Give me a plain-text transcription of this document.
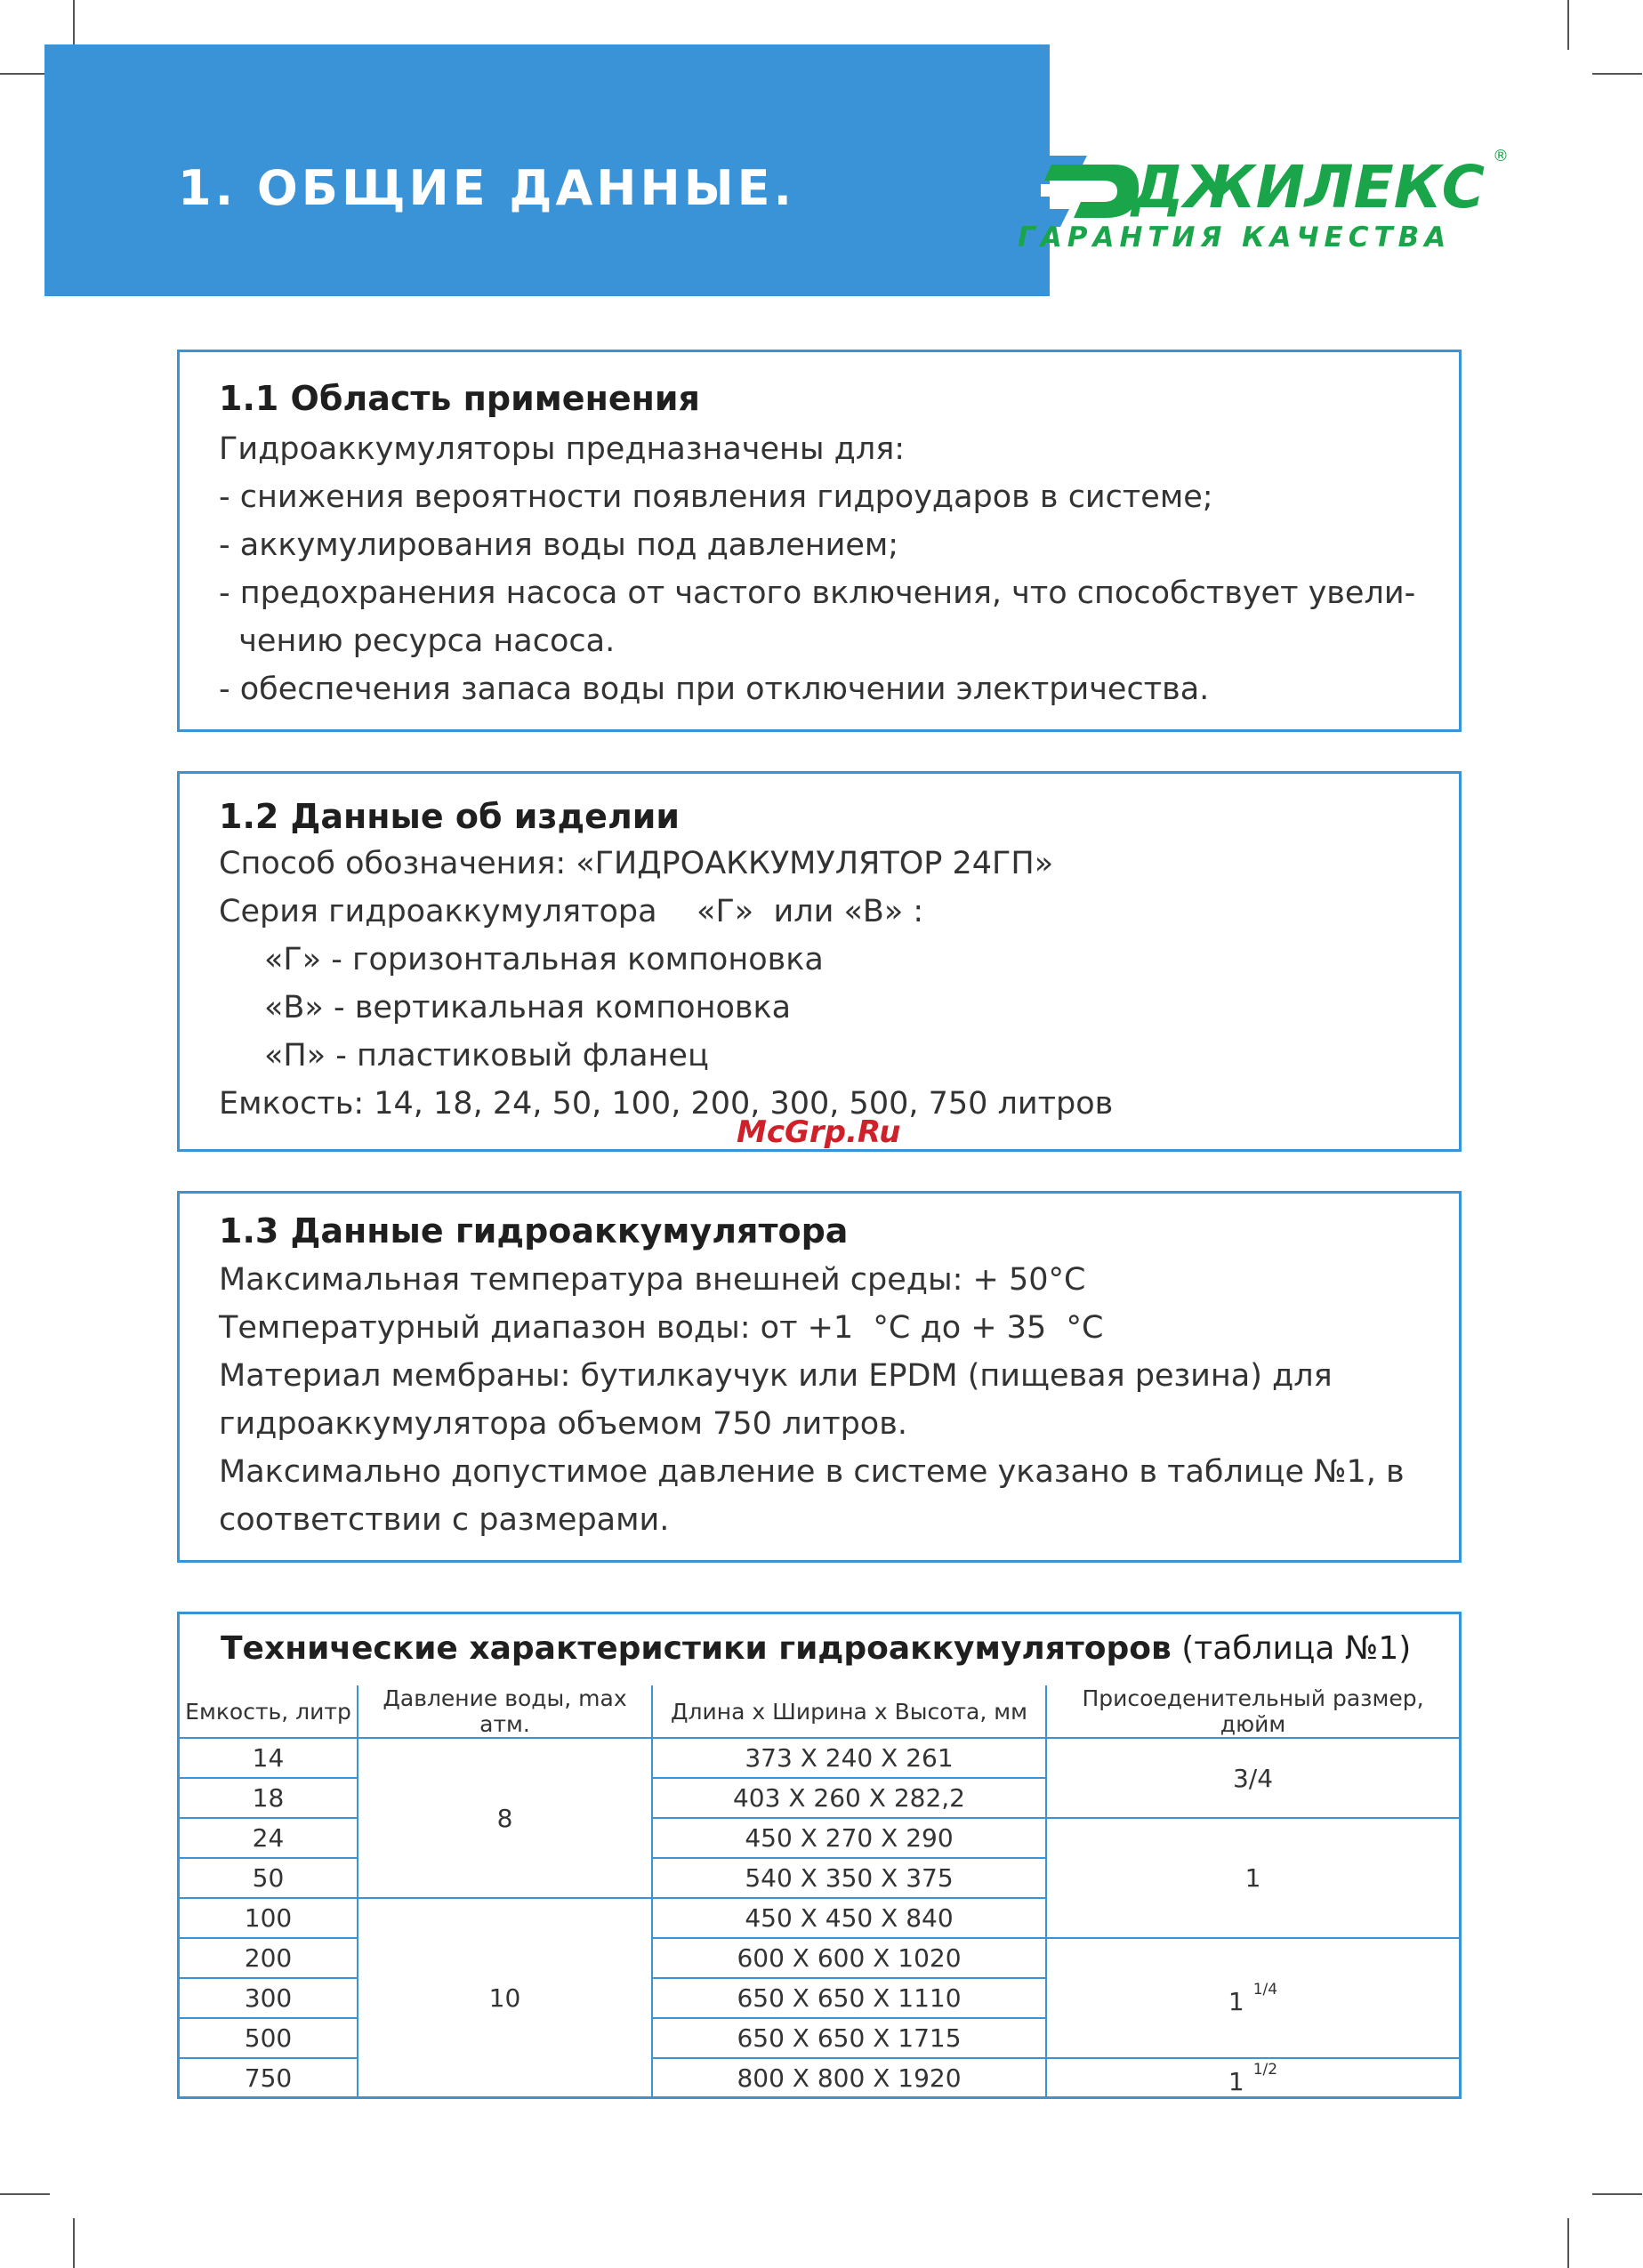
1. ОБЩИЕ ДАННЫЕ.	ДЖИЛЕКС ®
ГАРАНТИЯ КАЧЕСТВА
1.1 Область применения
Гидроаккумуляторы предназначены для:
- снижения вероятности появления гидроударов в системе;
- аккумулирования воды под давлением;
- предохранения насоса от частого включения, что способствует увели-
чению ресурса насоса.
- обеспечения запаса воды при отключении электричества.
1.2 Данные об изделии
Способ обозначения: «ГИДРОАККУМУЛЯТОР 24ГП»
Серия гидроаккумулятора    «Г»  или «В» :
«Г» - горизонтальная компоновка
«В» - вертикальная компоновка
«П» - пластиковый фланец
Емкость: 14, 18, 24, 50, 100, 200, 300, 500, 750 литров
McGrp.Ru
1.3 Данные гидроаккумулятора
Максимальная температура внешней среды: + 50°С
Температурный диапазон воды: от +1  °С до + 35  °С
Материал мембраны: бутилкаучук или EPDM (пищевая резина) для
гидроаккумулятора объемом 750 литров.
Максимально допустимое давление в системе указано в таблице №1, в
соответствии с размерами.
Технические характеристики гидроаккумуляторов (таблица №1)
Емкость, литр	Давление воды, max атм.	Длина х Ширина х Высота, мм	Присоеденительный размер, дюйм
14	8	373 Х 240 Х 261	3/4
18		403 Х 260 Х 282,2	
24		450 Х 270 Х 290	1
50		540 Х 350 Х 375	
100	10	450 Х 450 Х 840	
200		600 Х 600 Х 1020	1 $^{1/4}$
300		650 Х 650 Х 1110	
500		650 Х 650 Х 1715	
750		800 Х 800 Х 1920	1 $^{1/2}$
